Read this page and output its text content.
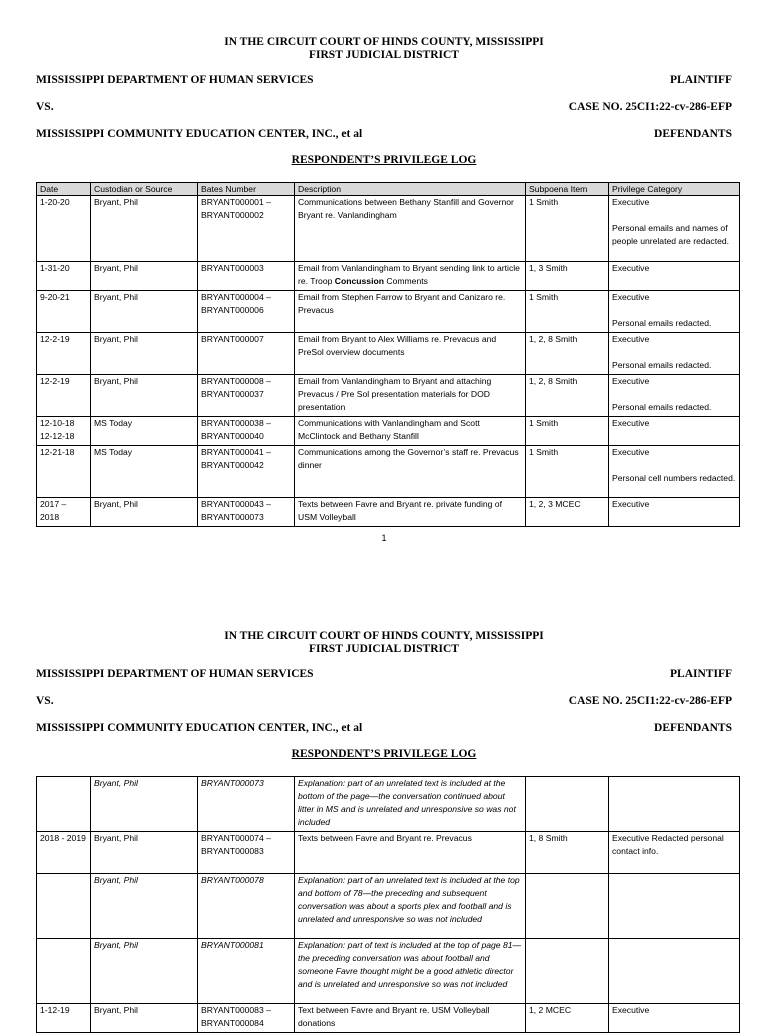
IN THE CIRCUIT COURT OF HINDS COUNTY, MISSISSIPPI
FIRST JUDICIAL DISTRICT
MISSISSIPPI DEPARTMENT OF HUMAN SERVICES	PLAINTIFF
VS.	CASE NO. 25CI1:22-cv-286-EFP
MISSISSIPPI COMMUNITY EDUCATION CENTER, INC., et al	DEFENDANTS
RESPONDENT’S PRIVILEGE LOG
Date	Custodian or Source	Bates Number	Description	Subpoena Item	Privilege Category
1-20-20	Bryant, Phil	BRYANT000001 – BRYANT000002	Communications between Bethany Stanfill and Governor Bryant re. Vanlandingham	1 Smith	Executive

Personal emails and names of people unrelated are redacted.

1-31-20	Bryant, Phil	BRYANT000003	Email from Vanlandingham to Bryant sending link to article re. Troop Concussion Comments	1, 3 Smith	Executive

9-20-21	Bryant, Phil	BRYANT000004 – BRYANT000006	Email from Stephen Farrow to Bryant and Canizaro re. Prevacus	1 Smith	Executive

Personal emails redacted.

12-2-19	Bryant, Phil	BRYANT000007	Email from Bryant to Alex Williams re. Prevacus and PreSol overview documents	1, 2, 8 Smith	Executive

Personal emails redacted.

12-2-19	Bryant, Phil	BRYANT000008 – BRYANT000037	Email from Vanlandingham to Bryant and attaching Prevacus / Pre Sol presentation materials for DOD presentation	1, 2, 8 Smith	Executive

Personal emails redacted.

12-10-18 12-12-18	MS Today	BRYANT000038 – BRYANT000040	Communications with Vanlandingham and Scott McClintock and Bethany Stanfill	1 Smith	Executive

12-21-18	MS Today	BRYANT000041 – BRYANT000042	Communications among the Governor’s staff re. Prevacus dinner	1 Smith	Executive

Personal cell numbers redacted.

2017 – 2018	Bryant, Phil	BRYANT000043 – BRYANT000073	Texts between Favre and Bryant re. private funding of USM Volleyball	1, 2, 3 MCEC	Executive

1
IN THE CIRCUIT COURT OF HINDS COUNTY, MISSISSIPPI
FIRST JUDICIAL DISTRICT
MISSISSIPPI DEPARTMENT OF HUMAN SERVICES	PLAINTIFF
VS.	CASE NO. 25CI1:22-cv-286-EFP
MISSISSIPPI COMMUNITY EDUCATION CENTER, INC., et al	DEFENDANTS
RESPONDENT’S PRIVILEGE LOG
	Bryant, Phil	BRYANT000073	Explanation: part of an unrelated text is included at the bottom of the page—the conversation continued about litter in MS and is unrelated and unresponsive so was not included		
2018 - 2019	Bryant, Phil	BRYANT000074 – BRYANT000083	Texts between Favre and Bryant re. Prevacus	1, 8 Smith	Executive Redacted personal contact info.
	Bryant, Phil	BRYANT000078	Explanation: part of an unrelated text is included at the top and bottom of 78—the preceding and subsequent conversation was about a sports plex and football and is unrelated and unresponsive so was not included		
	Bryant, Phil	BRYANT000081	Explanation: part of text is included at the top of page 81—the preceding conversation was about football and someone Favre thought might be a good athletic director and is unrelated and unresponsive so was not included		
1-12-19	Bryant, Phil	BRYANT000083 – BRYANT000084	Text between Favre and Bryant re. USM Volleyball donations	1, 2 MCEC	Executive
